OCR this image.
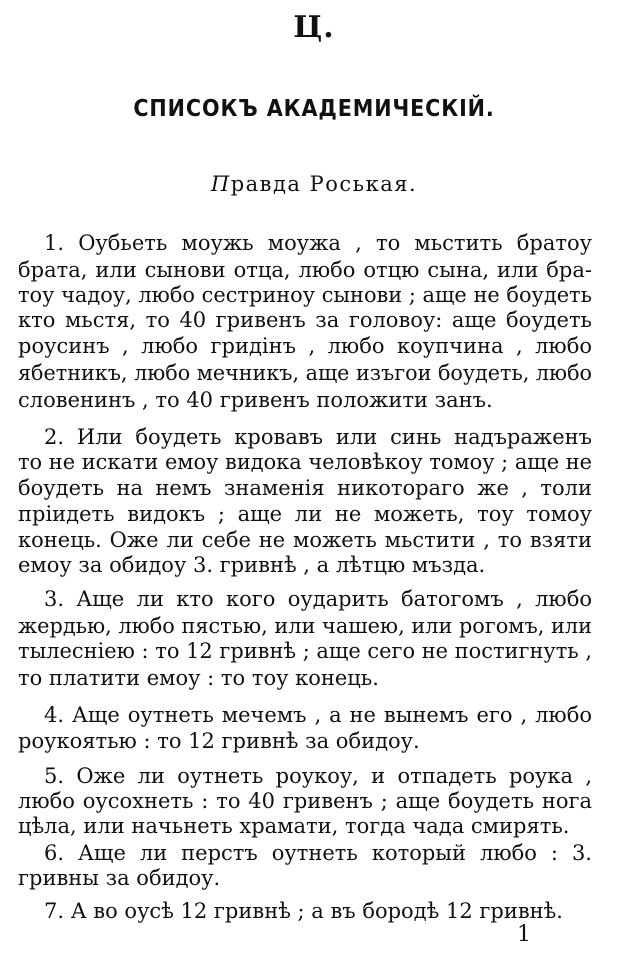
Ц.
СПИСОКЪ АКАДЕМИЧЕСКІЙ.
Правда Роськая.
1. Оубьеть моужь моужа , то мьстить братоу
брата, или сынови отца, любо отцю сына, или бра-
тоу чадоу, любо сестриноу сынови ; аще не боудеть
кто мьстя, то 40 гривенъ за головоу: аще боудеть
роусинъ , любо гридінъ , любо коупчина , любо
ябетникъ, любо мечникъ, аще изъгои боудеть, любо
словенинъ , то 40 гривенъ положити занъ.
2. Или боудеть кровавъ или синь надъраженъ
то не искати емоу видока человѣкоу томоу ; аще не
боудеть на немъ знаменія никотораго же , толи
пріидеть видокъ ; аще ли не можеть, тоу томоу
конець. Оже ли себе не можеть мьстити , то взяти
емоу за обидоу 3. гривнѣ , а лѣтцю мъзда.
3. Аще ли кто кого оударить батогомъ , любо
жердью, любо пястью, или чашею, или рогомъ, или
тылесніею : то 12 гривнѣ ; аще сего не постигнуть ,
то платити емоу : то тоу конець.
4. Аще оутнеть мечемъ , а не вынемъ его , любо
роукоятью : то 12 гривнѣ за обидоу.
5. Оже ли оутнеть роукоу, и отпадеть роука ,
любо оусохнеть : то 40 гривенъ ; аще боудеть нога
цѣла, или начьнеть храмати, тогда чада смирять.
6. Аще ли перстъ оутнеть который любо : 3.
гривны за обидоу.
7. А во оусѣ 12 гривнѣ ; а въ бородѣ 12 гривнѣ.
1
